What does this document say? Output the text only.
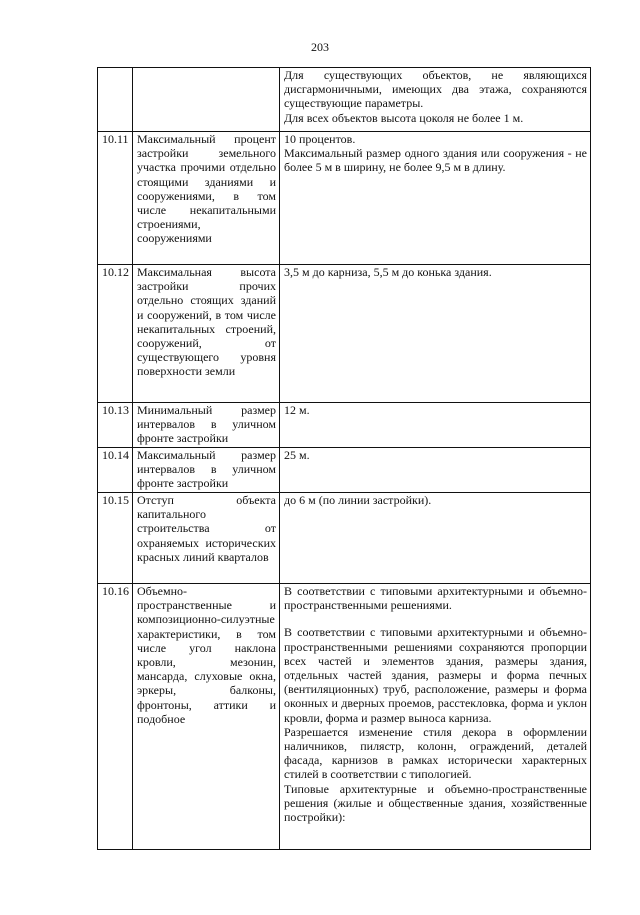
203

		Для существующих объектов, не являющихся дисгармоничными, имеющих два этажа, сохраняются существующие параметры.
Для всех объектов высота цоколя не более 1 м.

10.11	Максимальный процент застройки земельного участка прочими отдельно стоящими зданиями и сооружениями, в том числе некапитальными строениями, сооружениями	10 процентов.
Максимальный размер одного здания или сооружения - не более 5 м в ширину, не более 9,5 м в длину.

10.12	Максимальная высота застройки прочих отдельно стоящих зданий и сооружений, в том числе некапитальных строений, сооружений, от существующего уровня поверхности земли	3,5 м до карниза, 5,5 м до конька здания.

10.13	Минимальный размер интервалов в уличном фронте застройки	12 м.

10.14	Максимальный размер интервалов в уличном фронте застройки	25 м.

10.15	Отступ объекта капитального строительства от охраняемых исторических красных линий кварталов	до 6 м (по линии застройки).

10.16	Объемно-пространственные и композиционно-силуэтные характеристики, в том числе угол наклона кровли, мезонин, мансарда, слуховые окна, эркеры, балконы, фронтоны, аттики и подобное	В соответствии с типовыми архитектурными и объемно-пространственными решениями.
В соответствии с типовыми архитектурными и объемно-пространственными решениями сохраняются пропорции всех частей и элементов здания, размеры здания, отдельных частей здания, размеры и форма печных (вентиляционных) труб, расположение, размеры и форма оконных и дверных проемов, расстекловка, форма и уклон кровли, форма и размер выноса карниза.
Разрешается изменение стиля декора в оформлении наличников, пилястр, колонн, ограждений, деталей фасада, карнизов в рамках исторически характерных стилей в соответствии с типологией.
Типовые архитектурные и объемно-пространственные решения (жилые и общественные здания, хозяйственные постройки):
